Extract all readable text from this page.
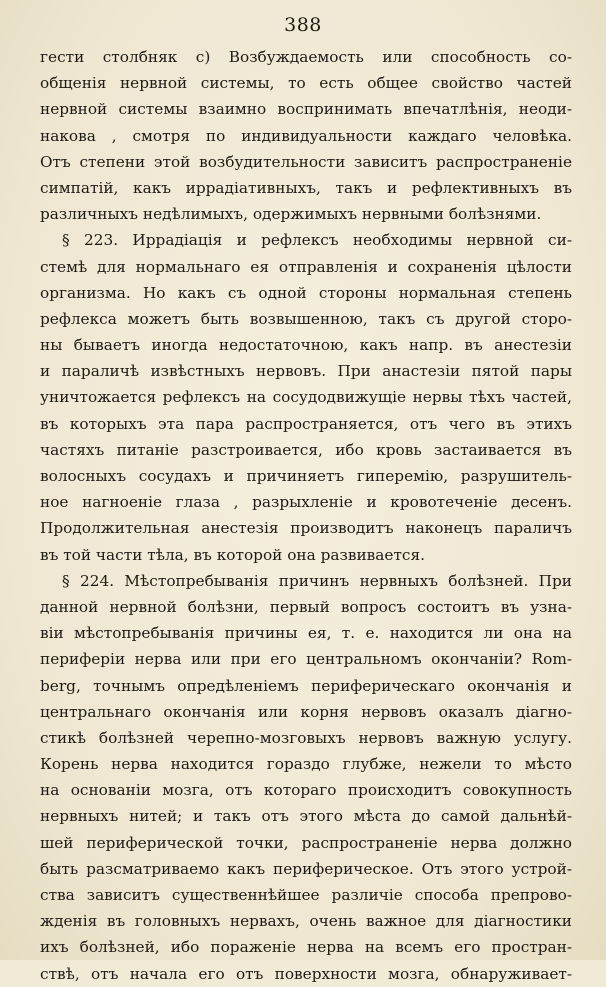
388
гести столбняк с) Возбуждаемость или способность со-
общенія нервной системы, то есть общее свойство частей
нервной системы взаимно воспринимать впечатлѣнія, неоди-
накова , смотря по индивидуальности каждаго человѣка.
Отъ степени этой возбудительности зависитъ распространеніе
симпатій, какъ иррадіативныхъ, такъ и рефлективныхъ въ
различныхъ недѣлимыхъ, одержимыхъ нервными болѣзнями.
§ 223. Иррадіація и рефлексъ необходимы нервной си-
стемѣ для нормальнаго ея отправленія и сохраненія цѣлости
организма. Но какъ съ одной стороны нормальная степень
рефлекса можетъ быть возвышенною, такъ съ другой сторо-
ны бываетъ иногда недостаточною, какъ напр. въ анестезіи
и параличѣ извѣстныхъ нервовъ. При анастезіи пятой пары
уничтожается рефлексъ на сосудодвижущіе нервы тѣхъ частей,
въ которыхъ эта пара распространяется, отъ чего въ этихъ
частяхъ питаніе разстроивается, ибо кровь застаивается въ
волосныхъ сосудахъ и причиняетъ гиперемію, разрушитель-
ное нагноеніе глаза , разрыхленіе и кровотеченіе десенъ.
Продолжительная анестезія производитъ наконецъ параличъ
въ той части тѣла, въ которой она развивается.
§ 224. Мѣстопребыванія причинъ нервныхъ болѣзней. При
данной нервной болѣзни, первый вопросъ состоитъ въ узна-
віи мѣстопребыванія причины ея, т. е. находится ли она на
периферіи нерва или при его центральномъ окончаніи? Rom-
berg, точнымъ опредѣленіемъ периферическаго окончанія и
центральнаго окончанія или корня нервовъ оказалъ діагно-
стикѣ болѣзней черепно-мозговыхъ нервовъ важную услугу.
Корень нерва находится гораздо глубже, нежели то мѣсто
на основаніи мозга, отъ котораго происходитъ совокупность
нервныхъ нитей; и такъ отъ этого мѣста до самой дальнѣй-
шей периферической точки, распространеніе нерва должно
быть разсматриваемо какъ периферическое. Отъ этого устрой-
ства зависитъ существеннѣйшее различіе способа препрово-
жденія въ головныхъ нервахъ, очень важное для діагностики
ихъ болѣзней, ибо пораженіе нерва на всемъ его простран-
ствѣ, отъ начала его отъ поверхности мозга, обнаруживает-
